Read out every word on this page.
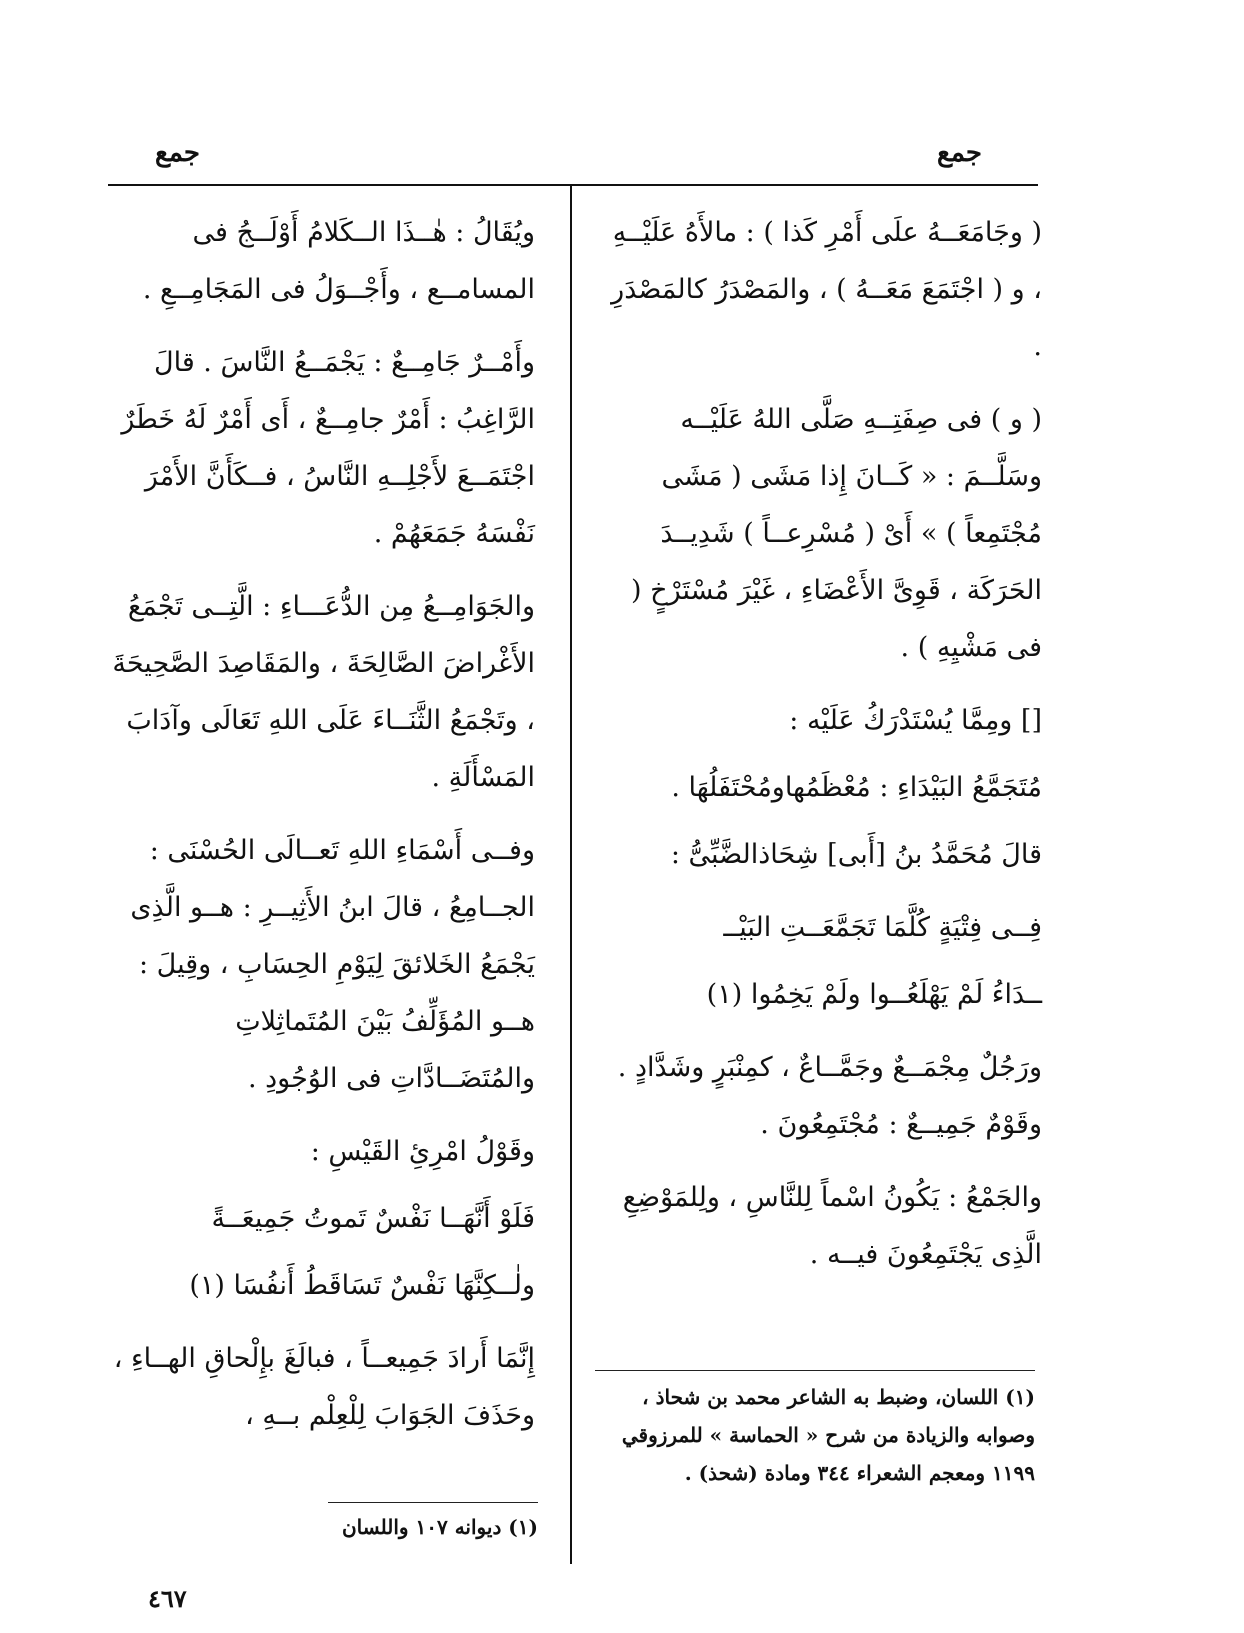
جمع
جمع

( وجَامَعَــهُ علَى أَمْرِ كَذا ) : مالأَهُ عَلَيْــهِ ، و ( اجْتَمَعَ مَعَــهُ ) ، والمَصْدَرُ كالمَصْدَرِ .

( و ) فى صِفَتِــهِ صَلَّى اللهُ عَلَيْــه وسَلَّــمَ : « كَــانَ إِذا مَشَى ( مَشَى مُجْتَمِعاً ) » أَىْ ( مُسْرِعــاً ) شَدِيــدَ الحَرَكَة ، قَوِىَّ الأَعْضَاءِ ، غَيْرَ مُسْتَرْخٍ ( فى مَشْيِهِ ) .

[] ومِمَّا يُسْتَدْرَكُ عَلَيْه :

مُتَجَمَّعُ البَيْدَاءِ : مُعْظَمُهاومُحْتَفَلُهَا .

قالَ مُحَمَّدُ بنُ [أَبى] شِحَاذالضَّبِّىُّ :

فِــى فِتْيَةٍ كُلَّمَا تَجَمَّعَــتِ البَيْــ

ــدَاءُ لَمْ يَهْلَعُــوا ولَمْ يَخِمُوا (١)

ورَجُلٌ مِجْمَــعٌ وجَمَّــاعٌ ، كمِنْبَرٍ وشَدَّادٍ . وقَوْمٌ جَمِيــعٌ : مُجْتَمِعُونَ .

والجَمْعُ : يَكُونُ اسْماً لِلنَّاسِ ، ولِلمَوْضِعِ الَّذِى يَجْتَمِعُونَ فيــه .

ويُقَالُ : هٰــذَا الــكَلامُ أَوْلَــجُ فى المسامــع ، وأَجْــوَلُ فى المَجَامِــعِ .

وأَمْــرٌ جَامِــعٌ : يَجْمَــعُ النَّاسَ . قالَ الرَّاغِبُ : أَمْرٌ جامِــعٌ ، أَى أَمْرٌ لَهُ خَطَرٌ اجْتَمَــعَ لأَجْلِــهِ النَّاسُ ، فــكَأَنَّ الأَمْرَ نَفْسَهُ جَمَعَهُمْ .

والجَوَامِــعُ مِن الدُّعَـــاءِ : الَّتِــى تَجْمَعُ الأَغْراضَ الصَّالِحَةَ ، والمَقَاصِدَ الصَّحِيحَةَ ، وتَجْمَعُ الثَّنَــاءَ عَلَى اللهِ تَعَالَى وآدَابَ المَسْأَلَةِ .

وفــى أَسْمَاءِ اللهِ تَعــالَى الحُسْنَى : الجــامِعُ ، قالَ ابنُ الأَثِيــرِ : هــو الَّذِى يَجْمَعُ الخَلائقَ لِيَوْمِ الحِسَابِ ، وقِيلَ : هــو المُؤَلِّفُ بَيْنَ المُتَماثِلاتِ والمُتَضَــادَّاتِ فى الوُجُودِ .

وقَوْلُ امْرِئِ القَيْسِ :

فَلَوْ أَنَّهَــا نَفْسٌ تَموتُ جَمِيعَــةً

ولٰــكِنَّهَا نَفْسٌ تَسَاقَطُ أَنفُسَا (١)

إِنَّمَا أَرادَ جَمِيعــاً ، فبالَغَ بإِلْحاقِ الهــاءِ ، وحَذَفَ الجَوَابَ لِلْعِلْم بــهِ ،

(١) اللسان، وضبط به الشاعر محمد بن شحاذ ، وصوابه والزيادة من شرح « الحماسة » للمرزوقي ١١٩٩ ومعجم الشعراء ٣٤٤ ومادة (شحذ) .
(١) ديوانه ١٠٧ واللسان
٤٦٧
